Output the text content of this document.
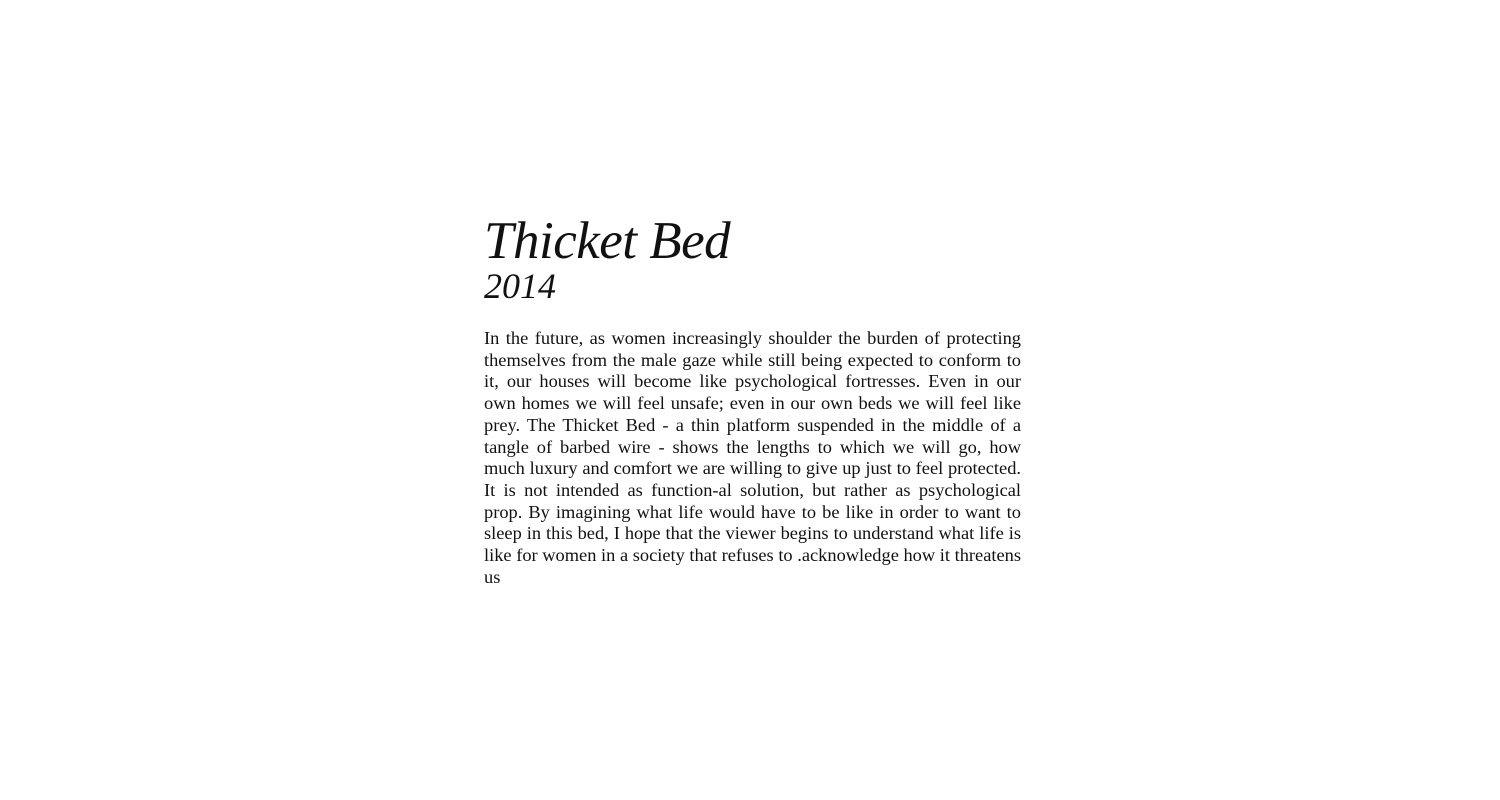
Thicket Bed
2014

In the future, as women increasingly shoulder the burden of protecting themselves from the male gaze while still being expected to conform to it, our houses will become like psychological fortresses. Even in our own homes we will feel unsafe; even in our own beds we will feel like prey. The Thicket Bed - a thin platform suspended in the middle of a tangle of barbed wire - shows the lengths to which we will go, how much luxury and comfort we are willing to give up just to feel protected. It is not intended as function-al solution, but rather as psychological prop. By imagining what life would have to be like in order to want to sleep in this bed, I hope that the viewer begins to understand what life is like for women in a society that refuses to .acknowledge how it threatens us
